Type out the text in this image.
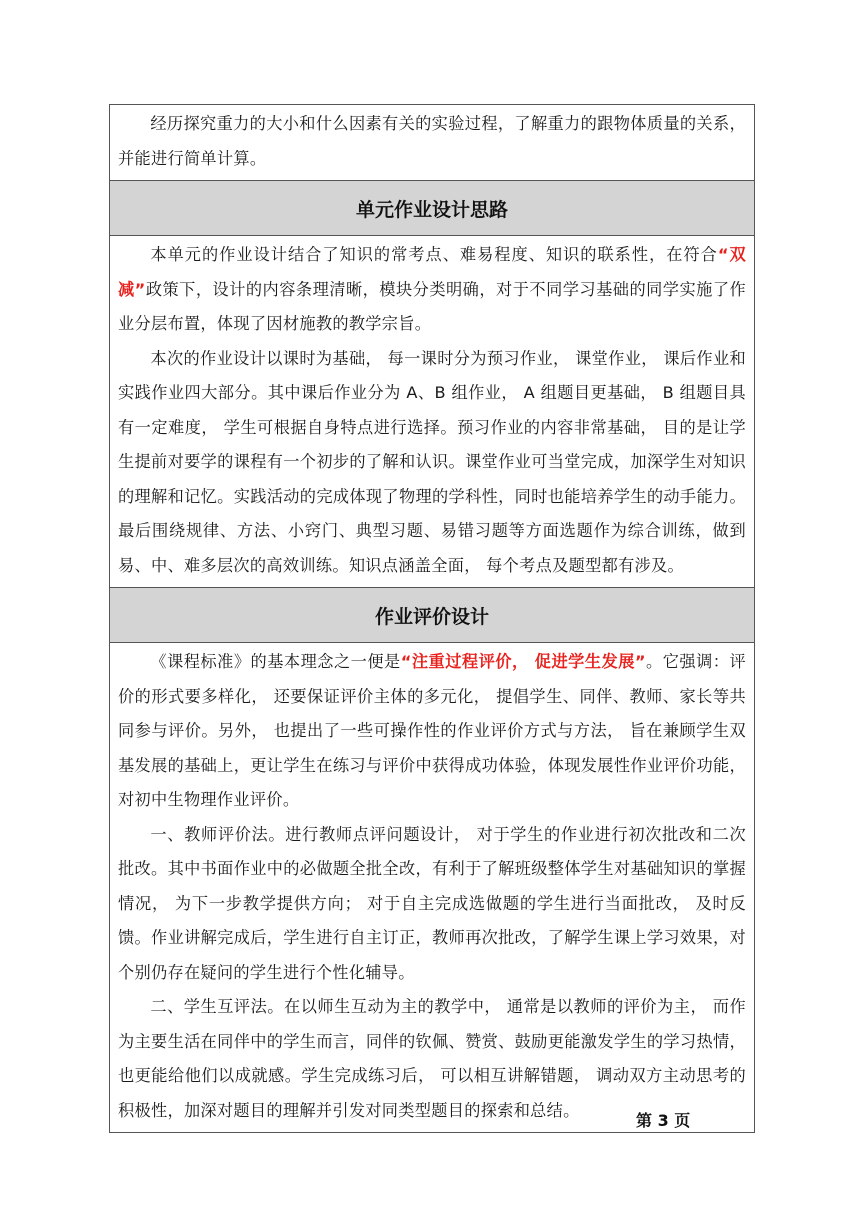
经历探究重力的大小和什么因素有关的实验过程，了解重力的跟物体质量的关系，并能进行简单计算。

单元作业设计思路

本单元的作业设计结合了知识的常考点、难易程度、知识的联系性，在符合“双减”政策下，设计的内容条理清晰，模块分类明确，对于不同学习基础的同学实施了作业分层布置，体现了因材施教的教学宗旨。

本次的作业设计以课时为基础， 每一课时分为预习作业， 课堂作业， 课后作业和实践作业四大部分。其中课后作业分为 A、B 组作业， A 组题目更基础， B 组题目具有一定难度， 学生可根据自身特点进行选择。预习作业的内容非常基础， 目的是让学生提前对要学的课程有一个初步的了解和认识。课堂作业可当堂完成，加深学生对知识的理解和记忆。实践活动的完成体现了物理的学科性，同时也能培养学生的动手能力。最后围绕规律、方法、小窍门、典型习题、易错习题等方面选题作为综合训练，做到易、中、难多层次的高效训练。知识点涵盖全面， 每个考点及题型都有涉及。

作业评价设计

《课程标准》的基本理念之一便是“注重过程评价， 促进学生发展”。它强调：评价的形式要多样化， 还要保证评价主体的多元化， 提倡学生、同伴、教师、家长等共同参与评价。另外， 也提出了一些可操作性的作业评价方式与方法， 旨在兼顾学生双基发展的基础上，更让学生在练习与评价中获得成功体验，体现发展性作业评价功能，对初中生物理作业评价。

一、教师评价法。进行教师点评问题设计， 对于学生的作业进行初次批改和二次批改。其中书面作业中的必做题全批全改，有利于了解班级整体学生对基础知识的掌握情况， 为下一步教学提供方向； 对于自主完成选做题的学生进行当面批改， 及时反馈。作业讲解完成后，学生进行自主订正，教师再次批改，了解学生课上学习效果，对个别仍存在疑问的学生进行个性化辅导。

二、学生互评法。在以师生互动为主的教学中， 通常是以教师的评价为主， 而作为主要生活在同伴中的学生而言，同伴的钦佩、赞赏、鼓励更能激发学生的学习热情， 也更能给他们以成就感。学生完成练习后， 可以相互讲解错题， 调动双方主动思考的积极性，加深对题目的理解并引发对同类型题目的探索和总结。

第 3 页
